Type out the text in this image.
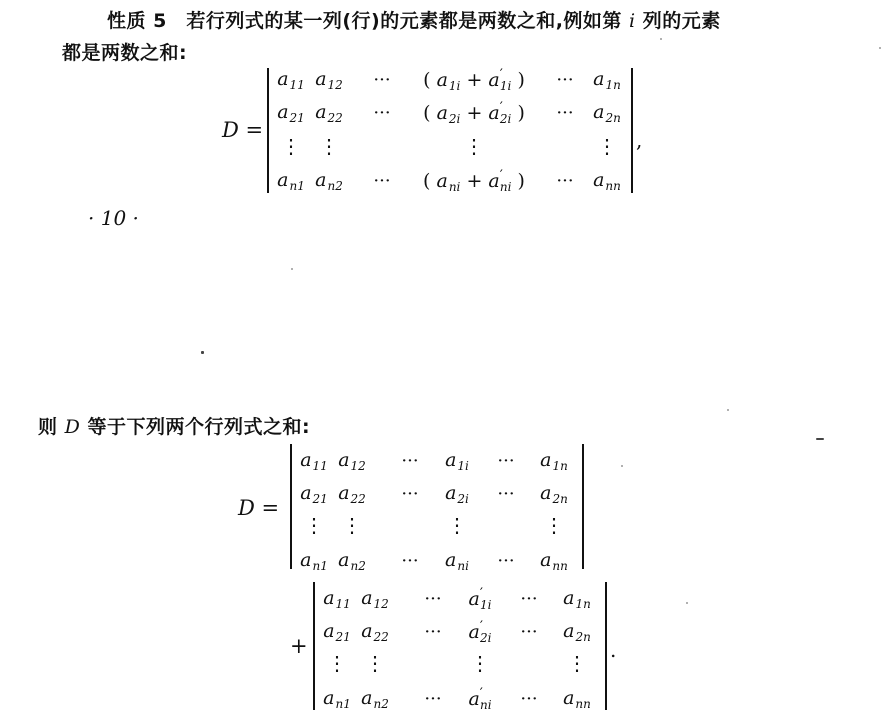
性质 5　若行列式的某一列(行)的元素都是两数之和,例如第 i 列的元素
都是两数之和:
D =
$a_{11}$ $a_{12}$ ··· ( $a_{1i} + a'_{1i}$ ) ··· $a_{1n}$
$a_{21}$ $a_{22}$ ··· ( $a_{2i} + a'_{2i}$ ) ··· $a_{2n}$
⋮ ⋮	⋮	⋮
$a_{n1}$ $a_{n2}$ ··· ( $a_{ni} + a'_{ni}$ ) ··· $a_{nn}$
,
· 10 ·
则 D 等于下列两个行列式之和:
D =
$a_{11}$ $a_{12}$ ··· $a_{1i}$ ··· $a_{1n}$
$a_{21}$ $a_{22}$ ··· $a_{2i}$ ··· $a_{2n}$
⋮ ⋮	⋮	⋮
$a_{n1}$ $a_{n2}$ ··· $a_{ni}$ ··· $a_{nn}$
+
$a_{11}$ $a_{12}$ ··· $a'_{1i}$ ··· $a_{1n}$
$a_{21}$ $a_{22}$ ··· $a'_{2i}$ ··· $a_{2n}$
⋮ ⋮	⋮	⋮
$a_{n1}$ $a_{n2}$ ··· $a'_{ni}$ ··· $a_{nn}$
.
